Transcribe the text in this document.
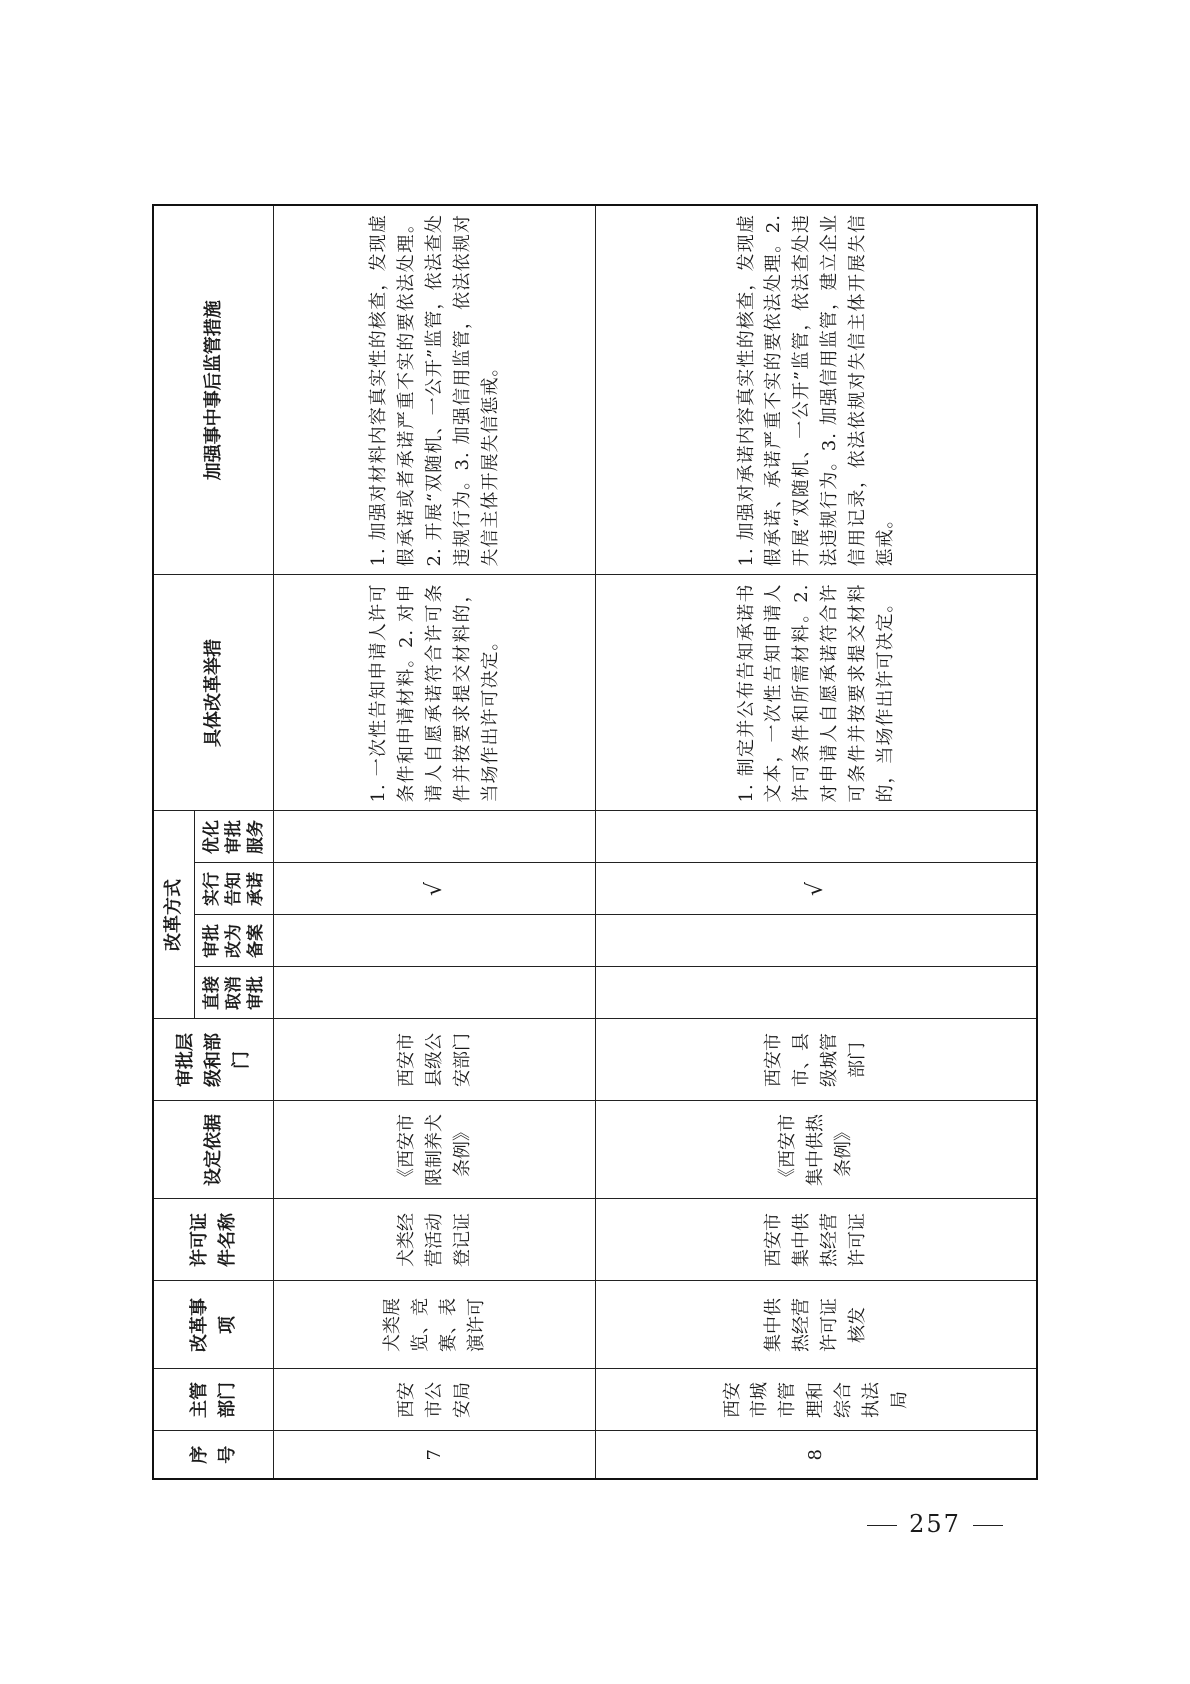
序号	主管部门	改革事项	许可证件名称	设定依据	审批层级和部门	改革方式				具体改革举措	加强事中事后监管措施
						直接取消审批	审批改为备案	实行告知承诺	优化审批服务		
7	西安市公安局	犬类展览、竞赛、表演许可	犬类经营活动登记证	《西安市限制养犬条例》	西安市县级公安部门			√		1. 一次性告知申请人许可条件和申请材料。2. 对申请人自愿承诺符合许可条件并按要求提交材料的，当场作出许可决定。	1. 加强对材料内容真实性的核查，发现虚假承诺或者承诺严重不实的要依法处理。2. 开展“双随机、一公开”监管，依法查处违规行为。3. 加强信用监管，依法依规对失信主体开展失信惩戒。
8	西安市城市管理和综合执法局	集中供热经营许可证核发	西安市集中供热经营许可证	《西安市集中供热条例》	西安市市、县级城管部门			√		1. 制定并公布告知承诺书文本，一次性告知申请人许可条件和所需材料。2. 对申请人自愿承诺符合许可条件并按要求提交材料的，当场作出许可决定。	1. 加强对承诺内容真实性的核查，发现虚假承诺、承诺严重不实的要依法处理。2. 开展“双随机、一公开”监管，依法查处违法违规行为。3. 加强信用监管，建立企业信用记录，依法依规对失信主体开展失信惩戒。
257
